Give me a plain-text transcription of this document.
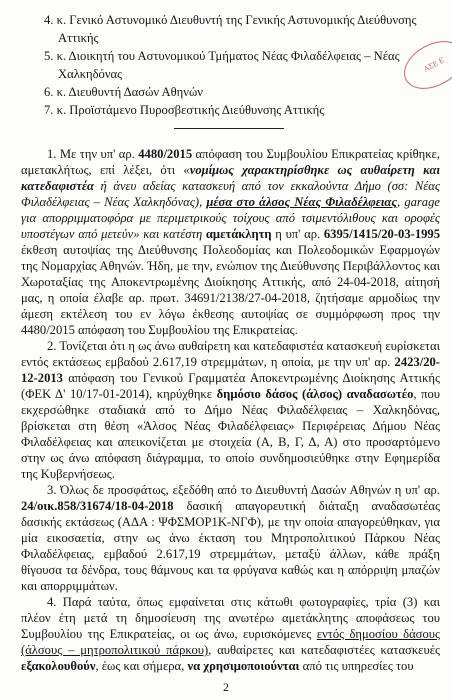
4. κ. Γενικό Αστυνομικό Διευθυντή της Γενικής Αστυνομικής Διεύθυνσης
Αττικής
5. κ. Διοικητή του Αστυνομικού Τμήματος Νέας Φιλαδέλφειας – Νέας
Χαλκηδόνας
6. κ. Διευθυντή Δασών Αθηνών
7. κ. Προϊστάμενο Πυροσβεστικής Διεύθυνσης Αττικής
ΑΣΕ Ε

1. Με την υπ' αρ. 4480/2015 απόφαση του Συμβουλίου Επικρατείας κρίθηκε, αμετακλήτως, επί λέξει, ότι «νομίμως χαρακτηρίσθηκε ως αυθαίρετη και κατεδαφιστέα ή άνευ αδείας κατασκευή από τον εκκαλούντα Δήμο (σσ: Νέας Φιλαδέλφειας – Νέας Χαλκηδόνας), μέσα στο άλσος Νέας Φιλαδέλφειας, garage για απορριμματοφόρα με περιμετρικούς τοίχους από τσιμεντόλιθους και οροφές υποστέγων από μετεύν» και κατέστη αμετάκλητη η υπ' αρ. 6395/1415/20-03-1995 έκθεση αυτοψίας της Διεύθυνσης Πολεοδομίας και Πολεοδομικών Εφαρμογών της Νομαρχίας Αθηνών. Ήδη, με την, ενώπιον της Διεύθυνσης Περιβάλλοντος και Χωροταξίας της Αποκεντρωμένης Διοίκησης Αττικής, από 24-04-2018, αίτησή μας, η οποία έλαβε αρ. πρωτ. 34691/2138/27-04-2018, ζητήσαμε αρμοδίως την άμεση εκτέλεση του εν λόγω έκθεσης αυτοψίας σε συμμόρφωση προς την 4480/2015 απόφαση του Συμβουλίου της Επικρατείας.

2. Τονίζεται ότι η ως άνω αυθαίρετη και κατεδαφιστέα κατασκευή ευρίσκεται εντός εκτάσεως εμβαδού 2.617,19 στρεμμάτων, η οποία, με την υπ' αρ. 2423/20-12-2013 απόφαση του Γενικού Γραμματέα Αποκεντρωμένης Διοίκησης Αττικής (ΦΕΚ Δ' 10/17-01-2014), κηρύχθηκε δημόσιο δάσος (άλσος) αναδασωτέο, που εκχερσώθηκε σταδιακά από το Δήμο Νέας Φιλαδέλφειας – Χαλκηδόνας, βρίσκεται στη θέση «Άλσος Νέας Φιλαδέλφειας» Περιφέρειας Δήμου Νέας Φιλαδέλφειας και απεικονίζεται με στοιχεία (Α, Β, Γ, Δ, Α) στο προσαρτόμενο στην ως άνω απόφαση διάγραμμα, το οποίο συνδημοσιεύθηκε στην Εφημερίδα της Κυβερνήσεως.

3. Όλως δε προσφάτως, εξεδόθη από το Διευθυντή Δασών Αθηνών η υπ' αρ. 24/οικ.858/31674/18-04-2018 δασική απαγορευτική διάταξη αναδασωτέας δασικής εκτάσεως (ΑΔΑ : ΨΦΣΜΟΡ1Κ-ΝΓΦ), με την οποία απαγορεύθηκαν, για μία εικοσαετία, στην ως άνω έκταση του Μητροπολιτικού Πάρκου Νέας Φιλαδέλφειας, εμβαδού 2.617,19 στρεμμάτων, μεταξύ άλλων, κάθε πράξη θίγουσα τα δένδρα, τους θάμνους και τα φρύγανα καθώς και η απόρριψη μπαζών και απορριμμάτων.

4. Παρά ταύτα, όπως εμφαίνεται στις κάτωθι φωτογραφίες, τρία (3) και πλέον έτη μετά τη δημοσίευση της ανωτέρω αμετάκλητης αποφάσεως του Συμβουλίου της Επικρατείας, οι ως άνω, ευρισκόμενες εντός δημοσίου δάσους (άλσους – μητροπολιτικού πάρκου), αυθαίρετες και κατεδαφιστέες κατασκευές εξακολουθούν, έως και σήμερα, να χρησιμοποιούνται από τις υπηρεσίες του

2
